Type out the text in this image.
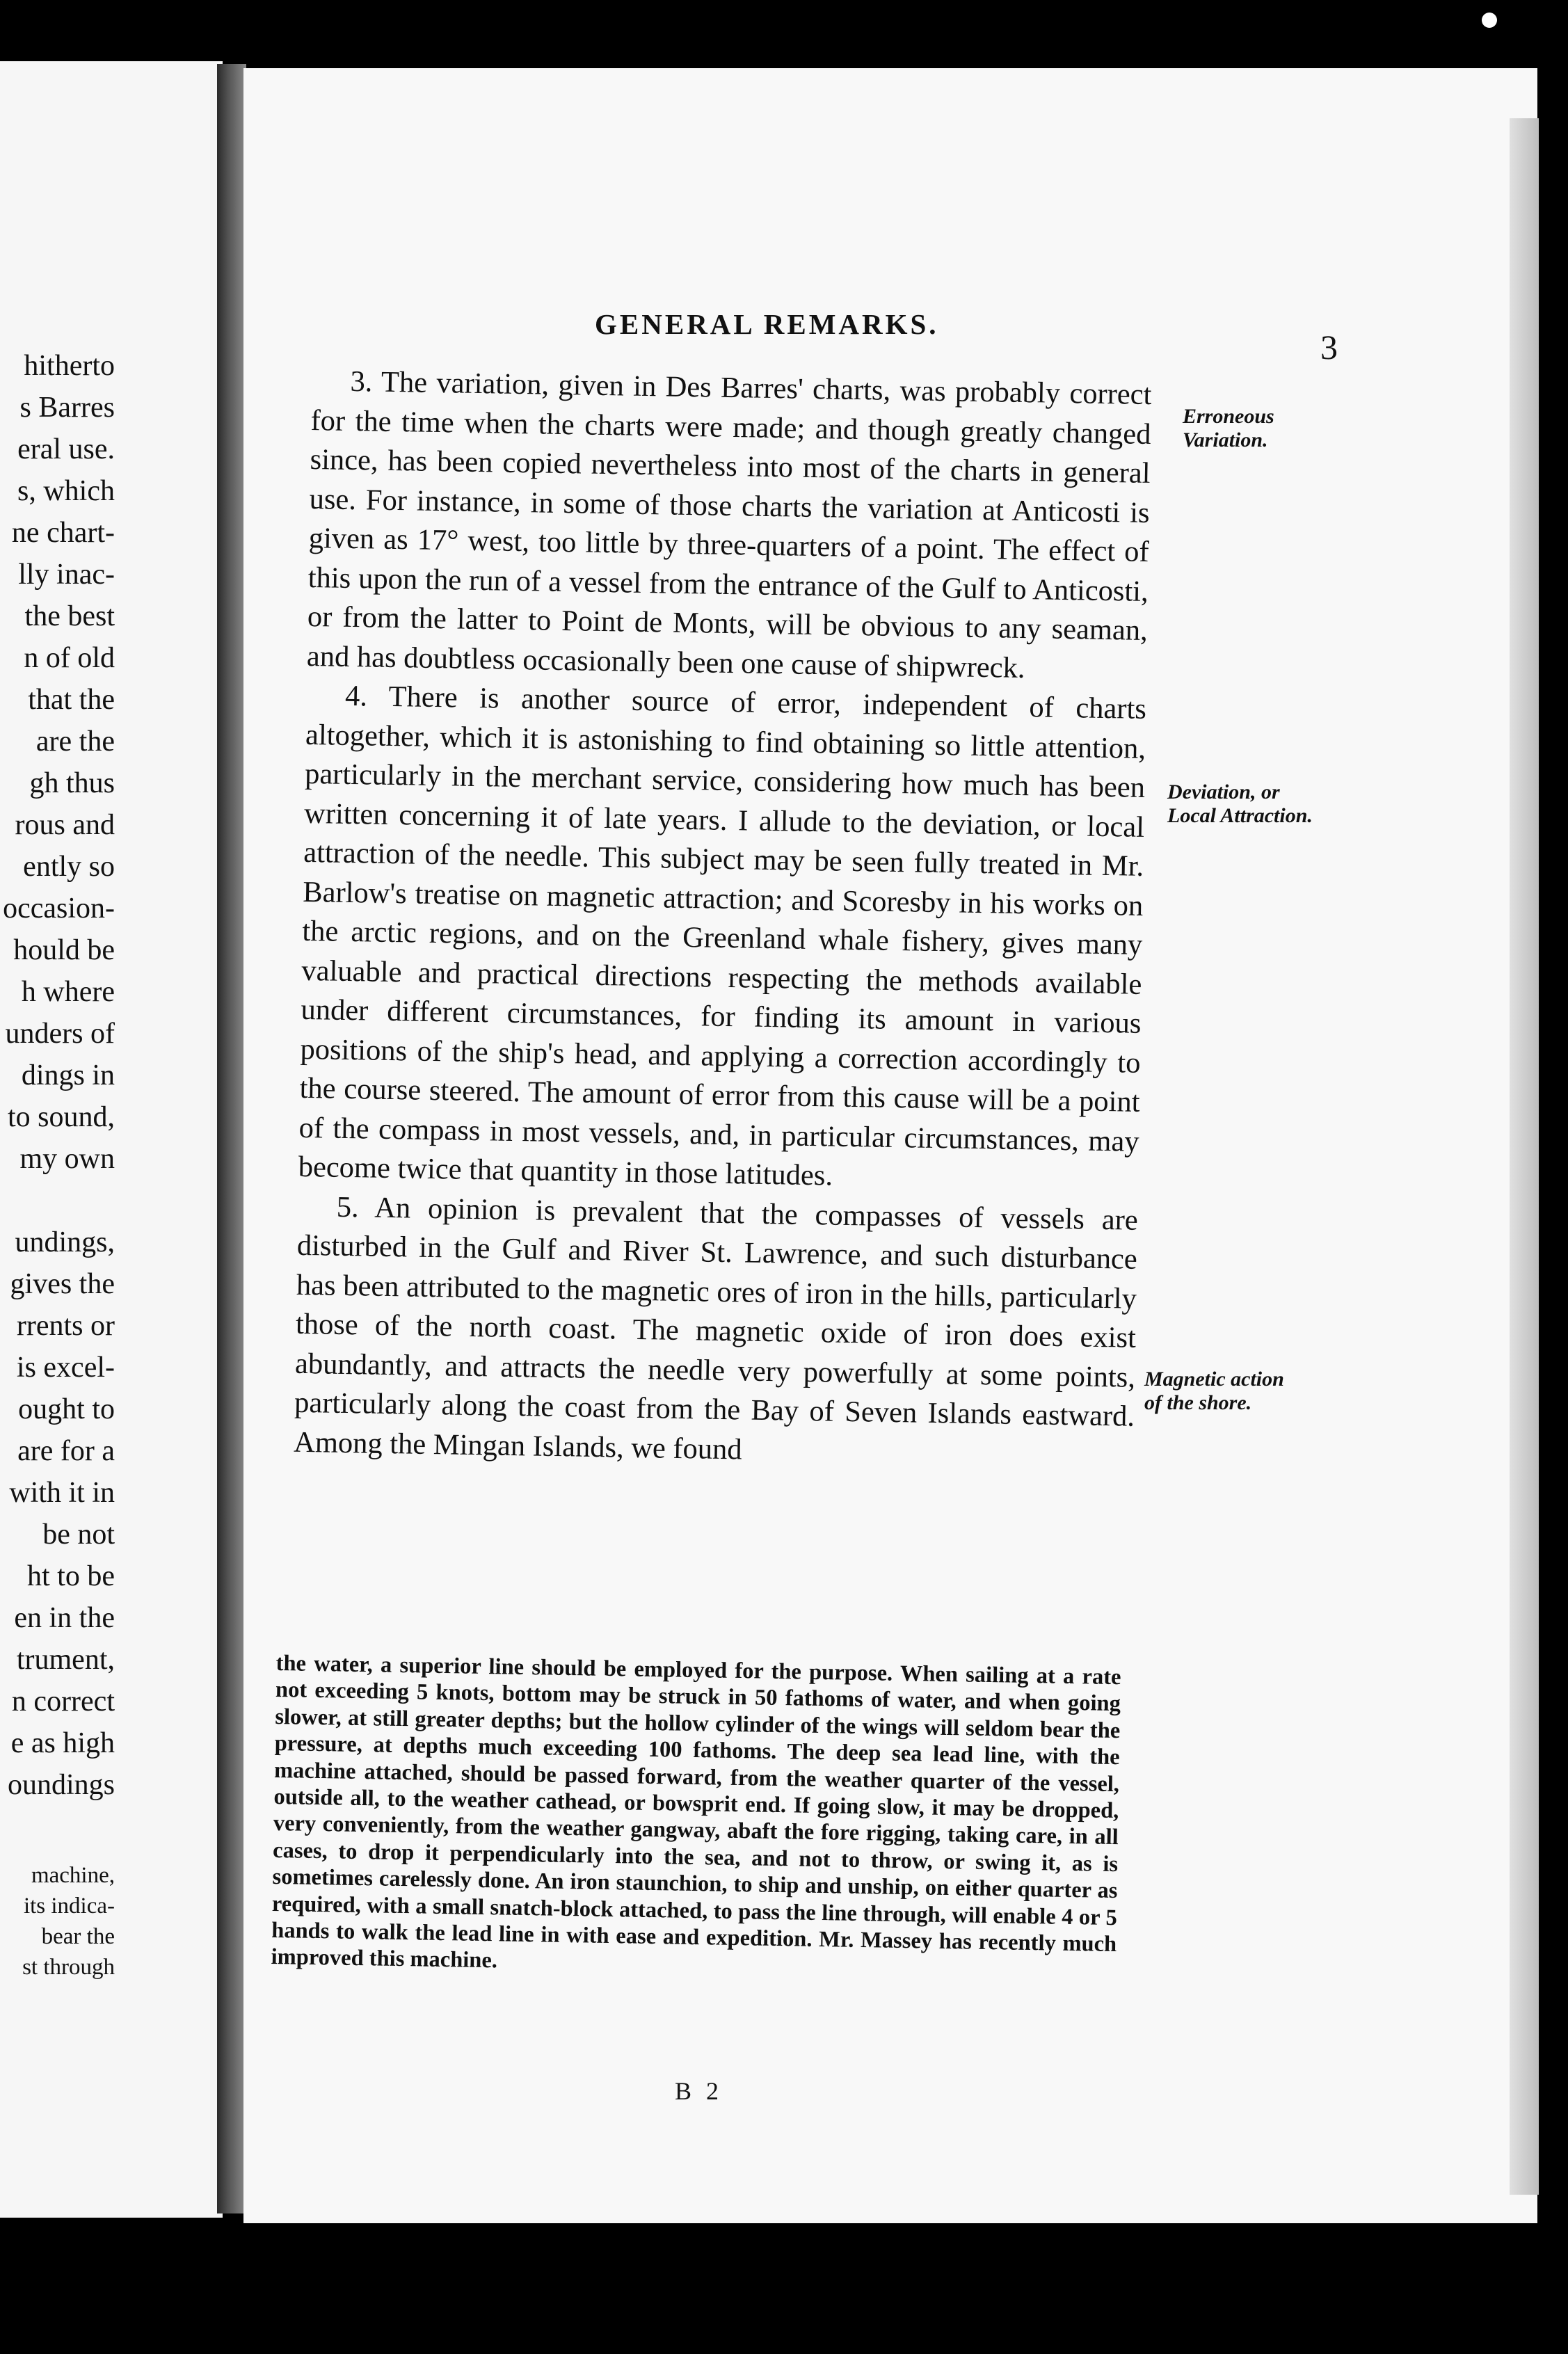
hitherto
s Barres
eral use.
s, which
ne chart-
lly inac-
the best
n of old
that the
are the
gh thus
rous and
ently so
occasion-
hould be
h where
unders of
dings in
to sound,
my own
undings,
gives the
rrents or
is excel-
ought to
are for a
with it in
be not
ht to be
en in the
trument,
n correct
e as high
oundings
machine,
its indica-
bear the
st through
GENERAL REMARKS.
3

3. The variation, given in Des Barres' charts, was probably correct for the time when the charts were made; and though greatly changed since, has been copied nevertheless into most of the charts in general use. For instance, in some of those charts the variation at Anticosti is given as 17° west, too little by three-quarters of a point. The effect of this upon the run of a vessel from the entrance of the Gulf to Anticosti, or from the latter to Point de Monts, will be obvious to any seaman, and has doubtless occasionally been one cause of shipwreck.

4. There is another source of error, independent of charts altogether, which it is astonishing to find obtaining so little attention, particularly in the merchant service, considering how much has been written concerning it of late years. I allude to the deviation, or local attraction of the needle. This subject may be seen fully treated in Mr. Barlow's treatise on magnetic attraction; and Scoresby in his works on the arctic regions, and on the Greenland whale fishery, gives many valuable and practical directions respecting the methods available under different circumstances, for finding its amount in various positions of the ship's head, and applying a correction accordingly to the course steered. The amount of error from this cause will be a point of the compass in most vessels, and, in particular circumstances, may become twice that quantity in those latitudes.

5. An opinion is prevalent that the compasses of vessels are disturbed in the Gulf and River St. Lawrence, and such disturbance has been attributed to the magnetic ores of iron in the hills, particularly those of the north coast. The magnetic oxide of iron does exist abundantly, and attracts the needle very powerfully at some points, particularly along the coast from the Bay of Seven Islands eastward. Among the Mingan Islands, we found

Erroneous Variation.
Deviation, or Local Attraction.
Magnetic action of the shore.

the water, a superior line should be employed for the purpose. When sailing at a rate not exceeding 5 knots, bottom may be struck in 50 fathoms of water, and when going slower, at still greater depths; but the hollow cylinder of the wings will seldom bear the pressure, at depths much exceeding 100 fathoms. The deep sea lead line, with the machine attached, should be passed forward, from the weather quarter of the vessel, outside all, to the weather cathead, or bowsprit end. If going slow, it may be dropped, very conveniently, from the weather gangway, abaft the fore rigging, taking care, in all cases, to drop it perpendicularly into the sea, and not to throw, or swing it, as is sometimes carelessly done. An iron staunchion, to ship and unship, on either quarter as required, with a small snatch-block attached, to pass the line through, will enable 4 or 5 hands to walk the lead line in with ease and expedition. Mr. Massey has recently much improved this machine.

B 2
